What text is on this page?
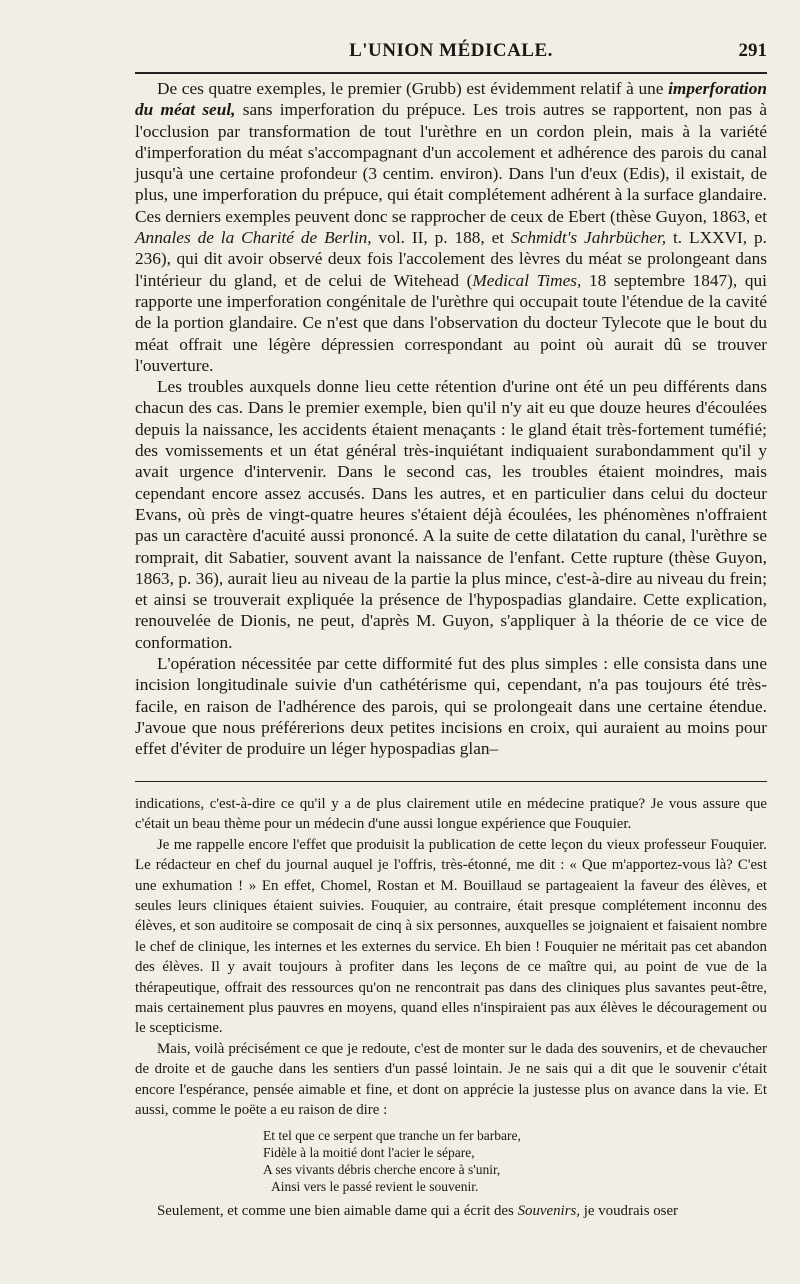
L'UNION MÉDICALE.	291

De ces quatre exemples, le premier (Grubb) est évidemment relatif à une imperforation du méat seul, sans imperforation du prépuce. Les trois autres se rapportent, non pas à l'occlusion par transformation de tout l'urèthre en un cordon plein, mais à la variété d'imperforation du méat s'accompagnant d'un accolement et adhérence des parois du canal jusqu'à une certaine profondeur (3 centim. environ). Dans l'un d'eux (Edis), il existait, de plus, une imperforation du prépuce, qui était complétement adhérent à la surface glandaire. Ces derniers exemples peuvent donc se rapprocher de ceux de Ebert (thèse Guyon, 1863, et Annales de la Charité de Berlin, vol. II, p. 188, et Schmidt's Jahrbücher, t. LXXVI, p. 236), qui dit avoir observé deux fois l'accolement des lèvres du méat se prolongeant dans l'intérieur du gland, et de celui de Witehead (Medical Times, 18 septembre 1847), qui rapporte une imperforation congénitale de l'urèthre qui occupait toute l'étendue de la cavité de la portion glandaire. Ce n'est que dans l'observation du docteur Tylecote que le bout du méat offrait une légère dépressien correspondant au point où aurait dû se trouver l'ouverture.

Les troubles auxquels donne lieu cette rétention d'urine ont été un peu différents dans chacun des cas. Dans le premier exemple, bien qu'il n'y ait eu que douze heures d'écoulées depuis la naissance, les accidents étaient menaçants : le gland était très-fortement tuméfié; des vomissements et un état général très-inquiétant indiquaient surabondamment qu'il y avait urgence d'intervenir. Dans le second cas, les troubles étaient moindres, mais cependant encore assez accusés. Dans les autres, et en particulier dans celui du docteur Evans, où près de vingt-quatre heures s'étaient déjà écoulées, les phénomènes n'offraient pas un caractère d'acuité aussi prononcé. A la suite de cette dilatation du canal, l'urèthre se romprait, dit Sabatier, souvent avant la naissance de l'enfant. Cette rupture (thèse Guyon, 1863, p. 36), aurait lieu au niveau de la partie la plus mince, c'est-à-dire au niveau du frein; et ainsi se trouverait expliquée la présence de l'hypospadias glandaire. Cette explication, renouvelée de Dionis, ne peut, d'après M. Guyon, s'appliquer à la théorie de ce vice de conformation.

L'opération nécessitée par cette difformité fut des plus simples : elle consista dans une incision longitudinale suivie d'un cathétérisme qui, cependant, n'a pas toujours été très-facile, en raison de l'adhérence des parois, qui se prolongeait dans une certaine étendue. J'avoue que nous préférerions deux petites incisions en croix, qui auraient au moins pour effet d'éviter de produire un léger hypospadias glan–

indications, c'est-à-dire ce qu'il y a de plus clairement utile en médecine pratique? Je vous assure que c'était un beau thème pour un médecin d'une aussi longue expérience que Fouquier.

Je me rappelle encore l'effet que produisit la publication de cette leçon du vieux professeur Fouquier. Le rédacteur en chef du journal auquel je l'offris, très-étonné, me dit : « Que m'apportez-vous là? C'est une exhumation ! » En effet, Chomel, Rostan et M. Bouillaud se partageaient la faveur des élèves, et seules leurs cliniques étaient suivies. Fouquier, au contraire, était presque complétement inconnu des élèves, et son auditoire se composait de cinq à six personnes, auxquelles se joignaient et faisaient nombre le chef de clinique, les internes et les externes du service. Eh bien ! Fouquier ne méritait pas cet abandon des élèves. Il y avait toujours à profiter dans les leçons de ce maître qui, au point de vue de la thérapeutique, offrait des ressources qu'on ne rencontrait pas dans des cliniques plus savantes peut-être, mais certainement plus pauvres en moyens, quand elles n'inspiraient pas aux élèves le découragement ou le scepticisme.

Mais, voilà précisément ce que je redoute, c'est de monter sur le dada des souvenirs, et de chevaucher de droite et de gauche dans les sentiers d'un passé lointain. Je ne sais qui a dit que le souvenir c'était encore l'espérance, pensée aimable et fine, et dont on apprécie la justesse plus on avance dans la vie. Et aussi, comme le poëte a eu raison de dire :

Et tel que ce serpent que tranche un fer barbare,
Fidèle à la moitié dont l'acier le sépare,
A ses vivants débris cherche encore à s'unir,
Ainsi vers le passé revient le souvenir.

Seulement, et comme une bien aimable dame qui a écrit des Souvenirs, je voudrais oser
